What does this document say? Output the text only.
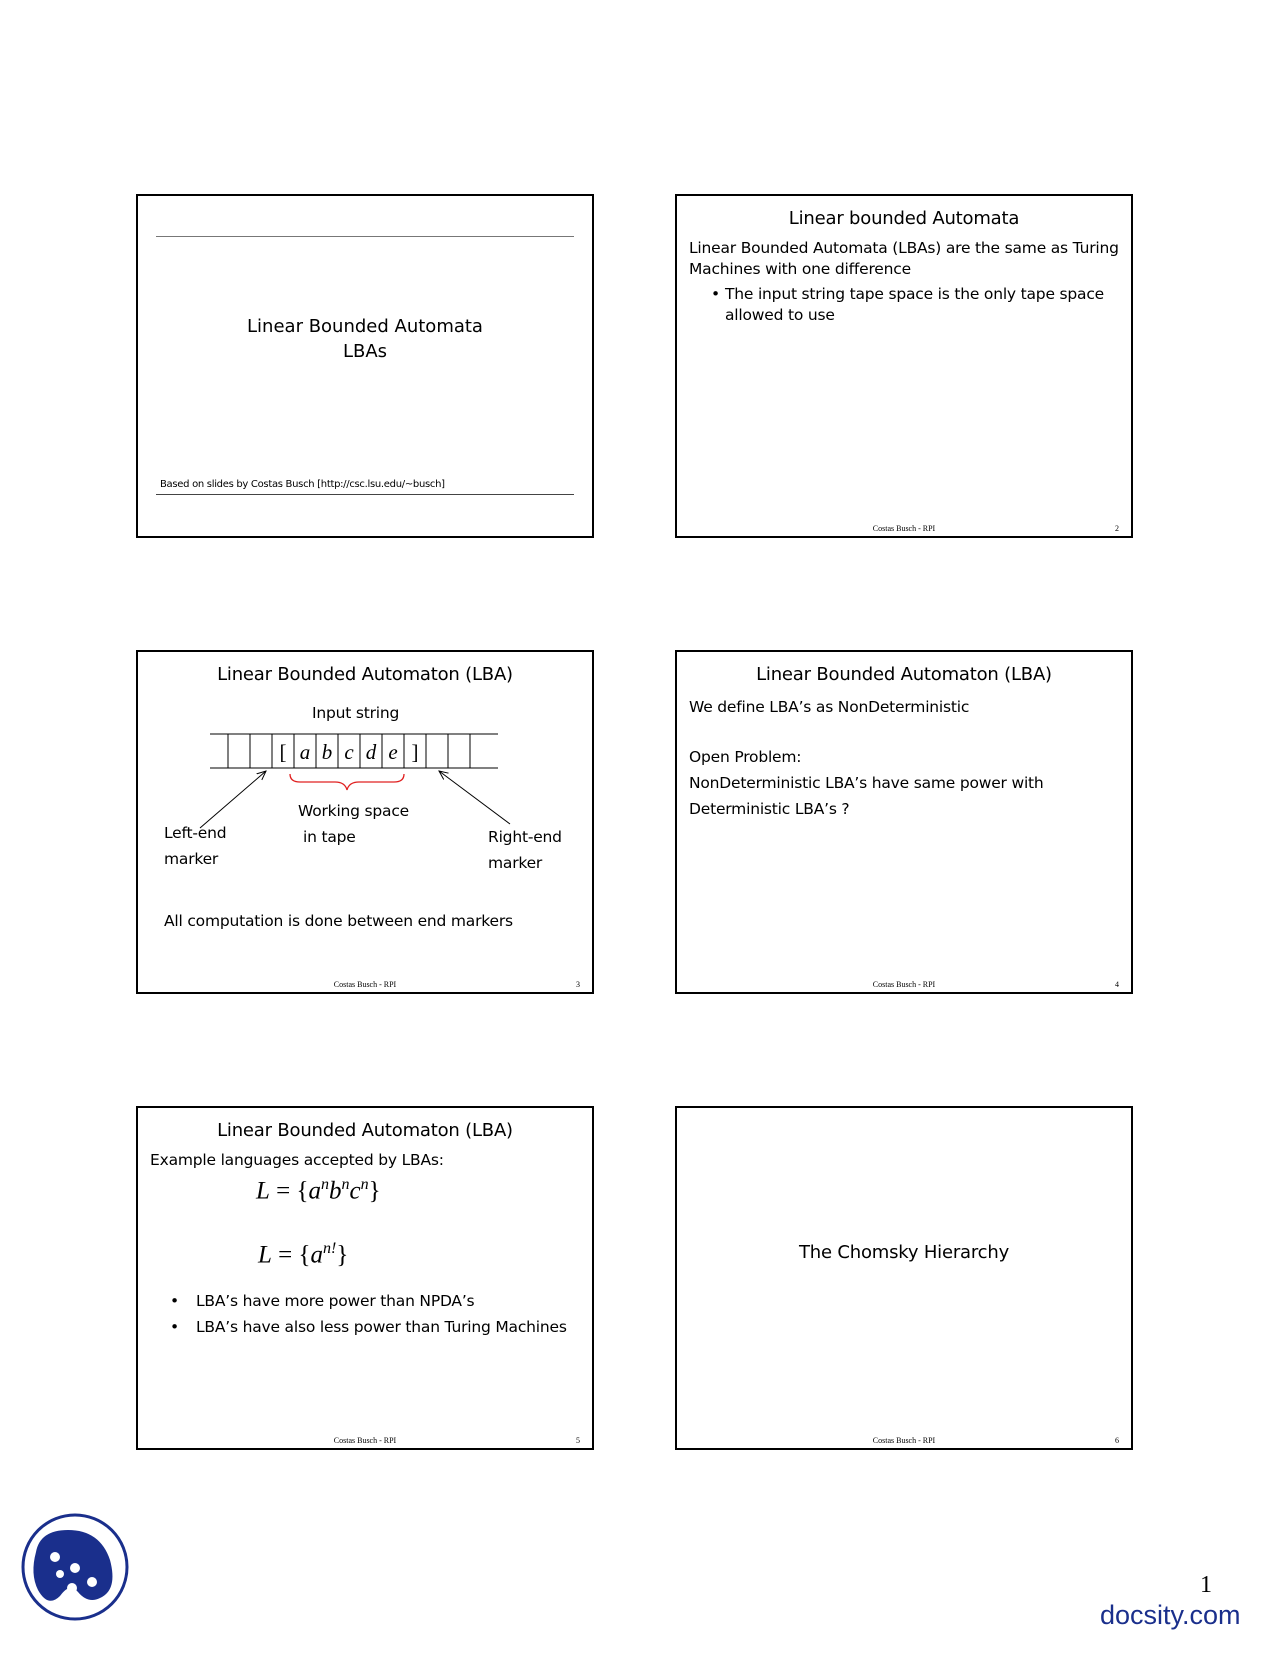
Linear Bounded Automata
LBAs
Based on slides by Costas Busch [http://csc.lsu.edu/~busch]
Linear bounded Automata
Linear Bounded Automata (LBAs) are the same as Turing Machines with one difference
• The input string tape space is the only tape space allowed to use
Costas Busch - RPI	2
Linear Bounded Automaton (LBA)
Input string
[ a b c d e ]
Working space
in tape
Left-end
marker
Right-end
marker
All computation is done between end markers
Costas Busch - RPI	3
Linear Bounded Automaton (LBA)
We define LBA’s as NonDeterministic
Open Problem:
NonDeterministic LBA’s have same power with
Deterministic LBA’s ?
Costas Busch - RPI	4
Linear Bounded Automaton (LBA)
Example languages accepted by LBAs:
$L = \{a^nb^nc^n\}$
$L = \{a^{n!}\}$
• LBA’s have more power than NPDA’s
• LBA’s have also less power than Turing Machines
Costas Busch - RPI	5
The Chomsky Hierarchy
Costas Busch - RPI	6
1
docsity.com
